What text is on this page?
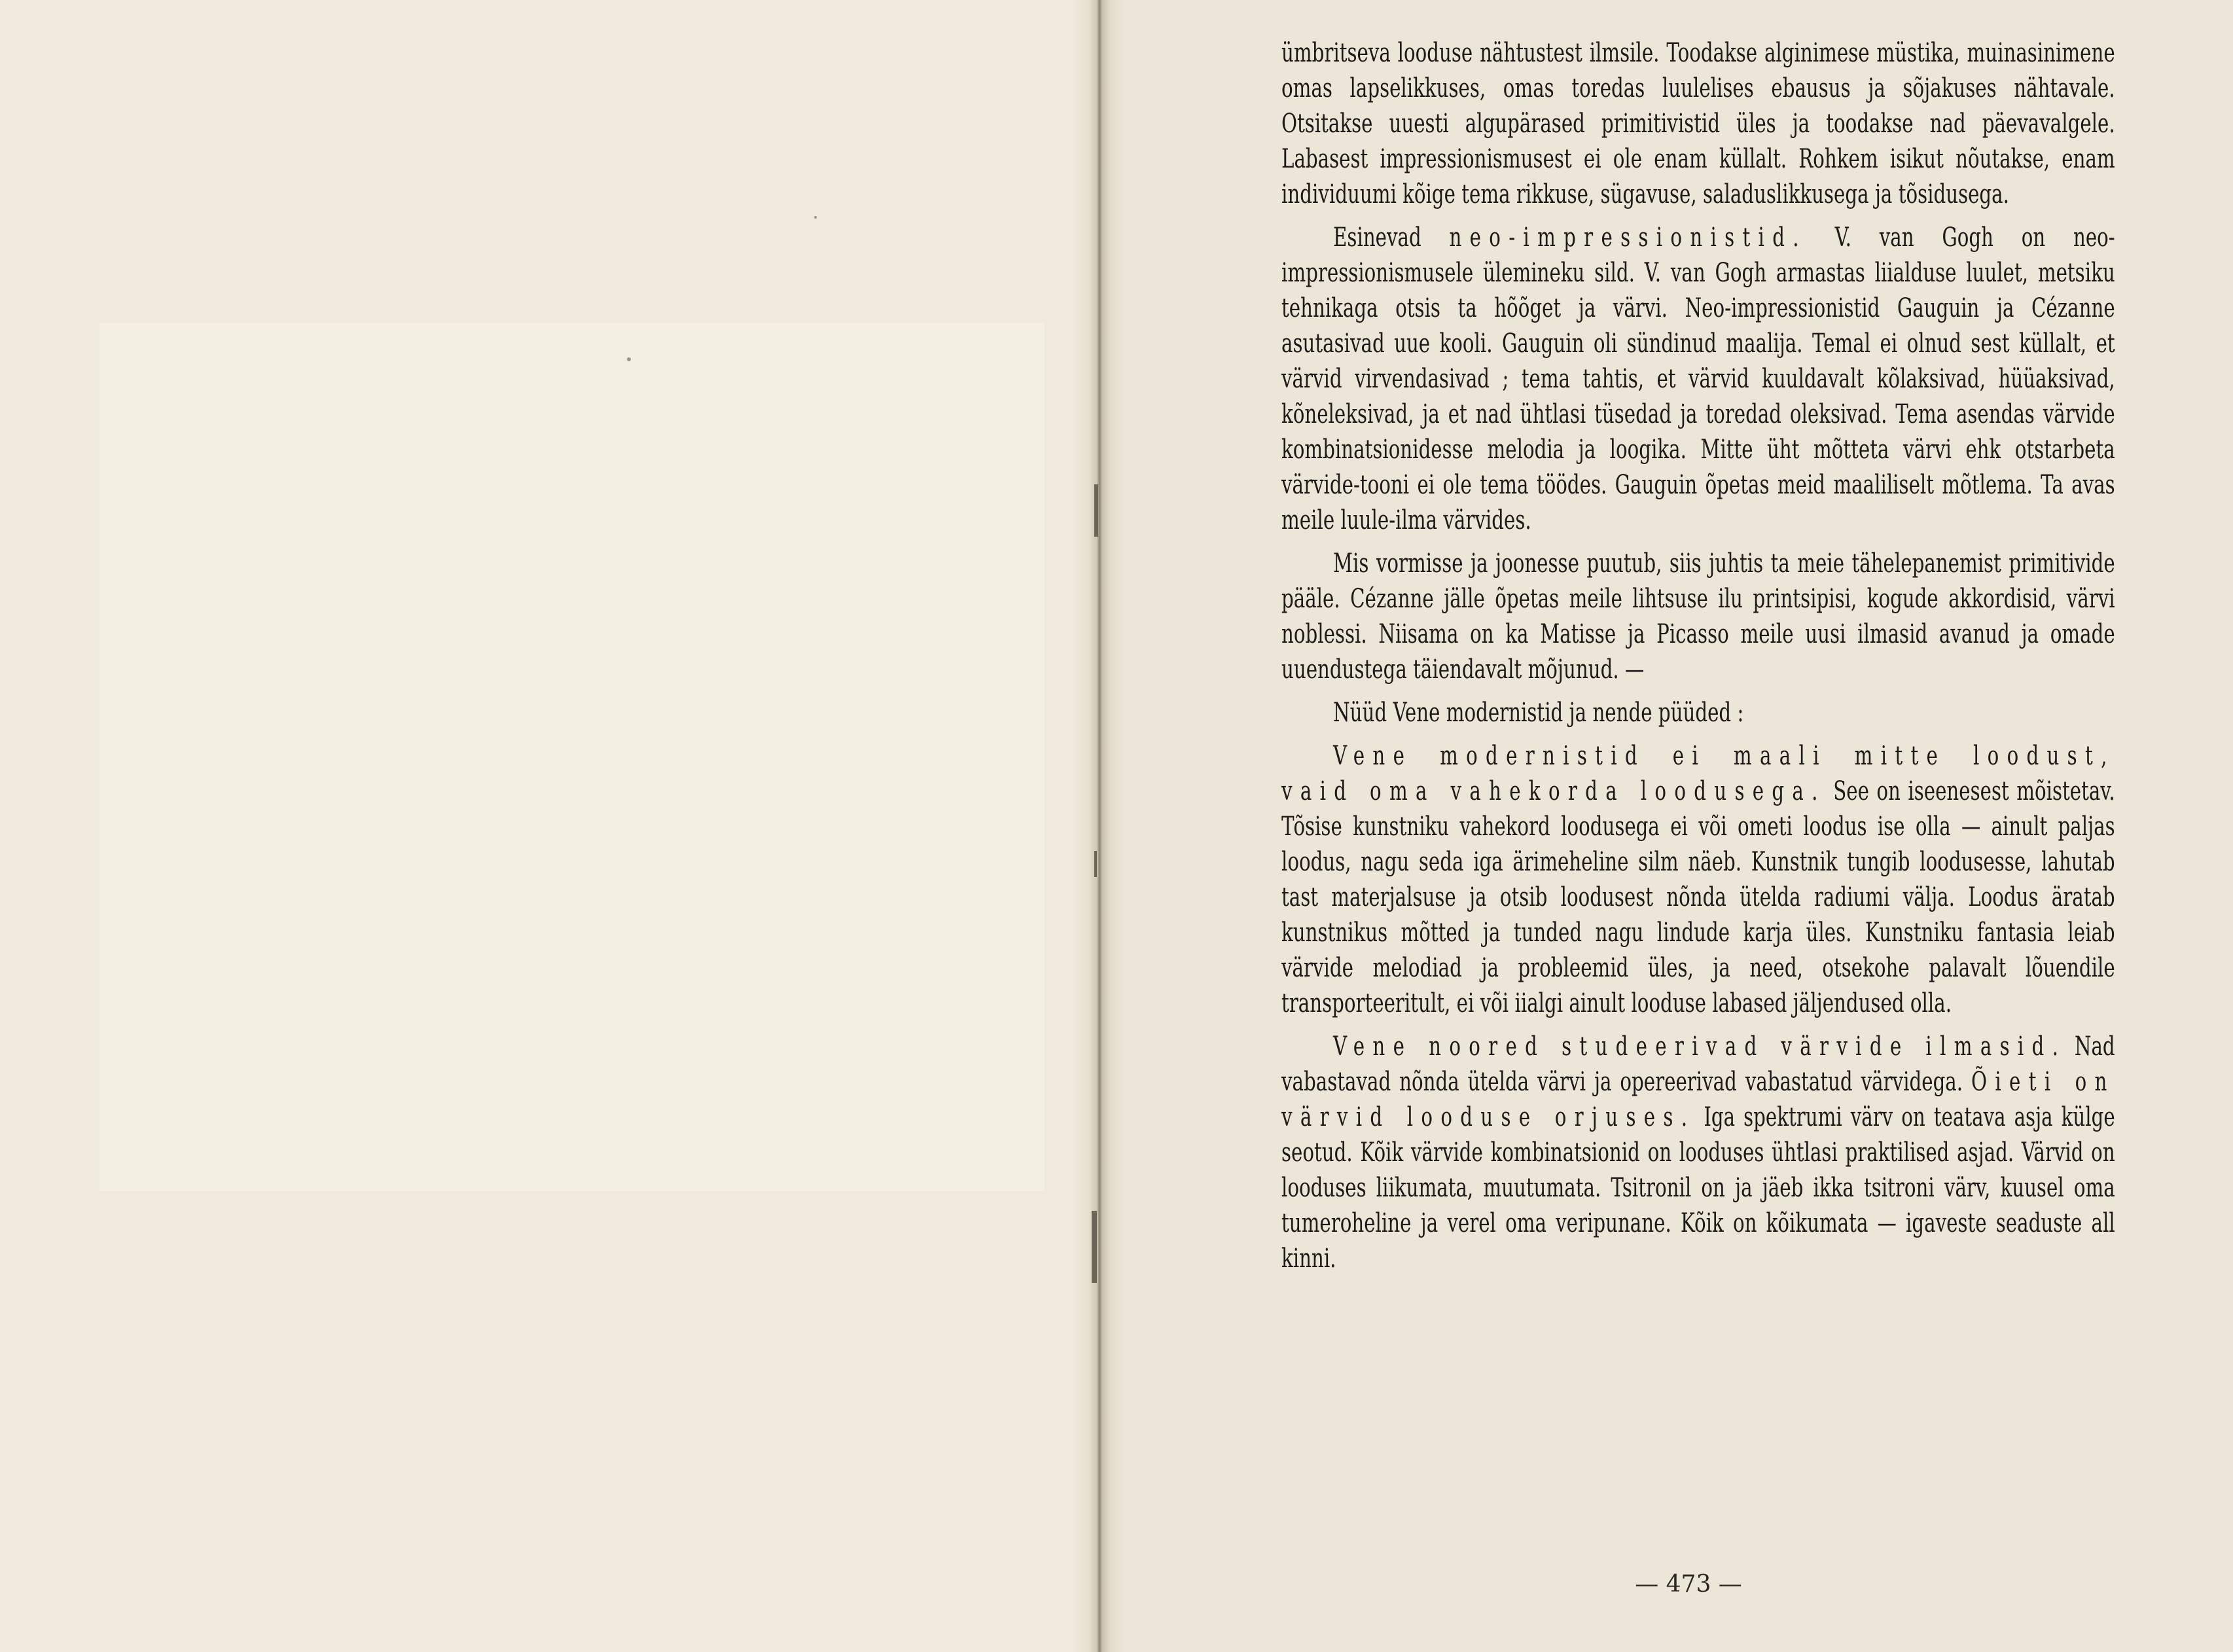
ümbritseva looduse nähtustest ilmsile. Toodakse alginimese müstika, muinasinimene omas lapselikkuses, omas toredas luulelises ebausus ja sõjakuses nähtavale. Otsitakse uuesti algupärased primitivistid üles ja toodakse nad päevavalgele. Labasest impressionismusest ei ole enam küllalt. Rohkem isikut nõutakse, enam individuumi kõige tema rikkuse, sügavuse, saladuslikkusega ja tõsidusega.

Esinevad neo-impressionistid. V. van Gogh on neo-impressionismusele ülemineku sild. V. van Gogh armastas liialduse luulet, metsiku tehnikaga otsis ta hõõget ja värvi. Neo-impressionistid Gauguin ja Cézanne asutasivad uue kooli. Gauguin oli sündinud maalija. Temal ei olnud sest küllalt, et värvid virvendasivad ; tema tahtis, et värvid kuuldavalt kõlaksivad, hüüaksivad, kõneleksivad, ja et nad ühtlasi tüsedad ja toredad oleksivad. Tema asendas värvide kombinatsionidesse melodia ja loogika. Mitte üht mõtteta värvi ehk otstarbeta värvide-tooni ei ole tema töödes. Gauguin õpetas meid maaliliselt mõtlema. Ta avas meile luule-ilma värvides.

Mis vormisse ja joonesse puutub, siis juhtis ta meie tähelepanemist primitivide pääle. Cézanne jälle õpetas meile lihtsuse ilu printsipisi, kogude akkordisid, värvi noblessi. Niisama on ka Matisse ja Picasso meile uusi ilmasid avanud ja omade uuendustega täiendavalt mõjunud. —

Nüüd Vene modernistid ja nende püüded :

Vene modernistid ei maali mitte loodust, vaid oma vahekorda loodusega. See on iseenesest mõistetav. Tõsise kunstniku vahekord loodusega ei või ometi loodus ise olla — ainult paljas loodus, nagu seda iga ärimeheline silm näeb. Kunstnik tungib loodusesse, lahutab tast materjalsuse ja otsib loodusest nõnda ütelda radiumi välja. Loodus äratab kunstnikus mõtted ja tunded nagu lindude karja üles. Kunstniku fantasia leiab värvide melodiad ja probleemid üles, ja need, otsekohe palavalt lõuendile transporteeritult, ei või iialgi ainult looduse labased jäljendused olla.

Vene noored studeerivad värvide ilmasid. Nad vabastavad nõnda ütelda värvi ja opereerivad vabastatud värvidega. Õieti on värvid looduse orjuses. Iga spektrumi värv on teatava asja külge seotud. Kõik värvide kombinatsionid on looduses ühtlasi praktilised asjad. Värvid on looduses liikumata, muutumata. Tsitronil on ja jäeb ikka tsitroni värv, kuusel oma tumeroheline ja verel oma veripunane. Kõik on kõikumata — igaveste seaduste all kinni.

— 473 —
